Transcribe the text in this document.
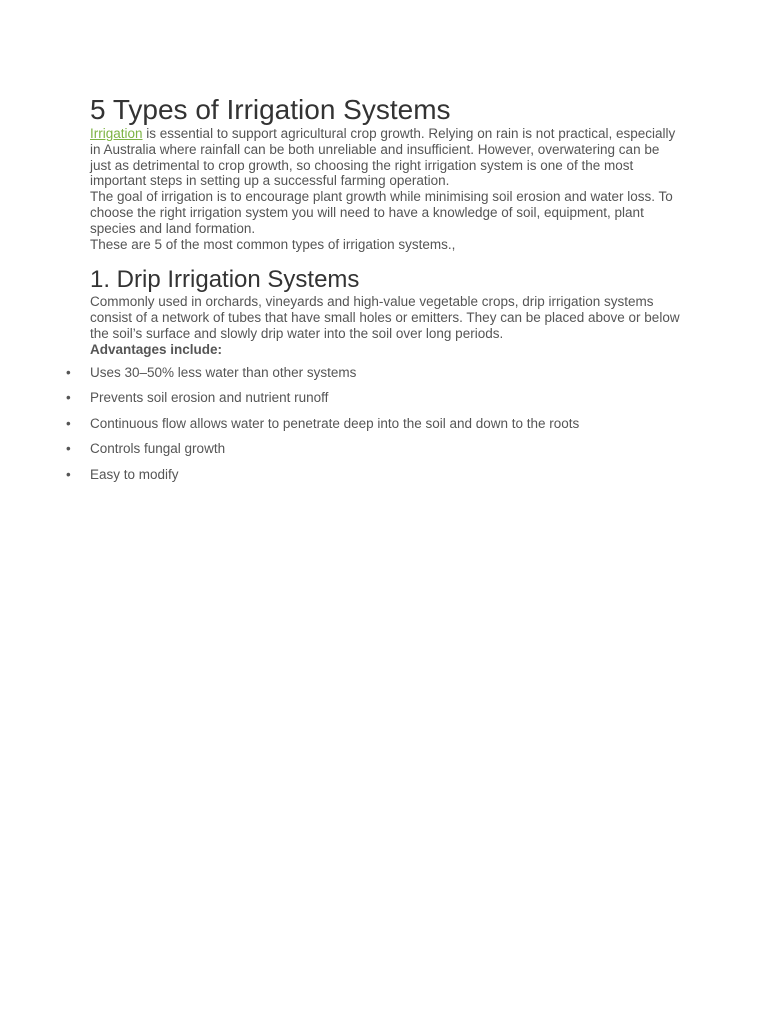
5 Types of Irrigation Systems

Irrigation is essential to support agricultural crop growth. Relying on rain is not practical, especially in Australia where rainfall can be both unreliable and insufficient. However, overwatering can be just as detrimental to crop growth, so choosing the right irrigation system is one of the most important steps in setting up a successful farming operation.

The goal of irrigation is to encourage plant growth while minimising soil erosion and water loss. To choose the right irrigation system you will need to have a knowledge of soil, equipment, plant species and land formation.

These are 5 of the most common types of irrigation systems.,

1. Drip Irrigation Systems

Commonly used in orchards, vineyards and high-value vegetable crops, drip irrigation systems consist of a network of tubes that have small holes or emitters. They can be placed above or below the soil’s surface and slowly drip water into the soil over long periods.

Advantages include:

• Uses 30–50% less water than other systems
• Prevents soil erosion and nutrient runoff
• Continuous flow allows water to penetrate deep into the soil and down to the roots
• Controls fungal growth
• Easy to modify
